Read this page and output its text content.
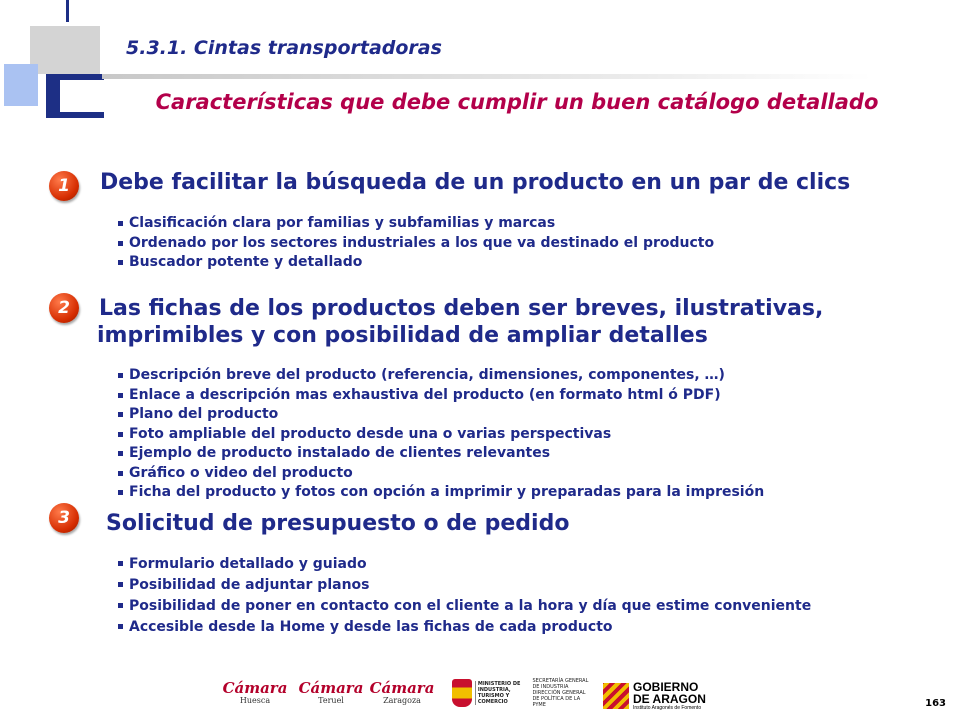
5.3.1. Cintas transportadoras
Características que debe cumplir un buen catálogo detallado
1	Debe facilitar la búsqueda de un producto en un par de clics
Clasificación clara por familias y subfamilias y marcas
Ordenado por los sectores industriales a los que va destinado el producto
Buscador potente y detallado
2	Las fichas de los productos deben ser breves, ilustrativas,
imprimibles y con posibilidad de ampliar detalles
Descripción breve del producto (referencia, dimensiones, componentes, …)
Enlace a descripción mas exhaustiva del producto (en formato html ó PDF)
Plano del producto
Foto ampliable del producto desde una o varias perspectivas
Ejemplo de producto instalado de clientes relevantes
Gráfico o video del producto
Ficha del producto y fotos con opción a imprimir y preparadas para la impresión
3	Solicitud de presupuesto o de pedido
Formulario detallado y guiado
Posibilidad de adjuntar planos
Posibilidad de poner en contacto con el cliente a la hora y día que estime conveniente
Accesible desde la Home y desde las fichas de cada producto
Cámara
Huesca
Cámara
Teruel
Cámara
Zaragoza
MINISTERIO DE INDUSTRIA, TURISMO Y COMERCIO
SECRETARÍA GENERAL DE INDUSTRIA DIRECCIÓN GENERAL DE POLÍTICA DE LA PYME
GOBIERNO
DE ARAGON
Instituto Aragonés de Fomento	163
